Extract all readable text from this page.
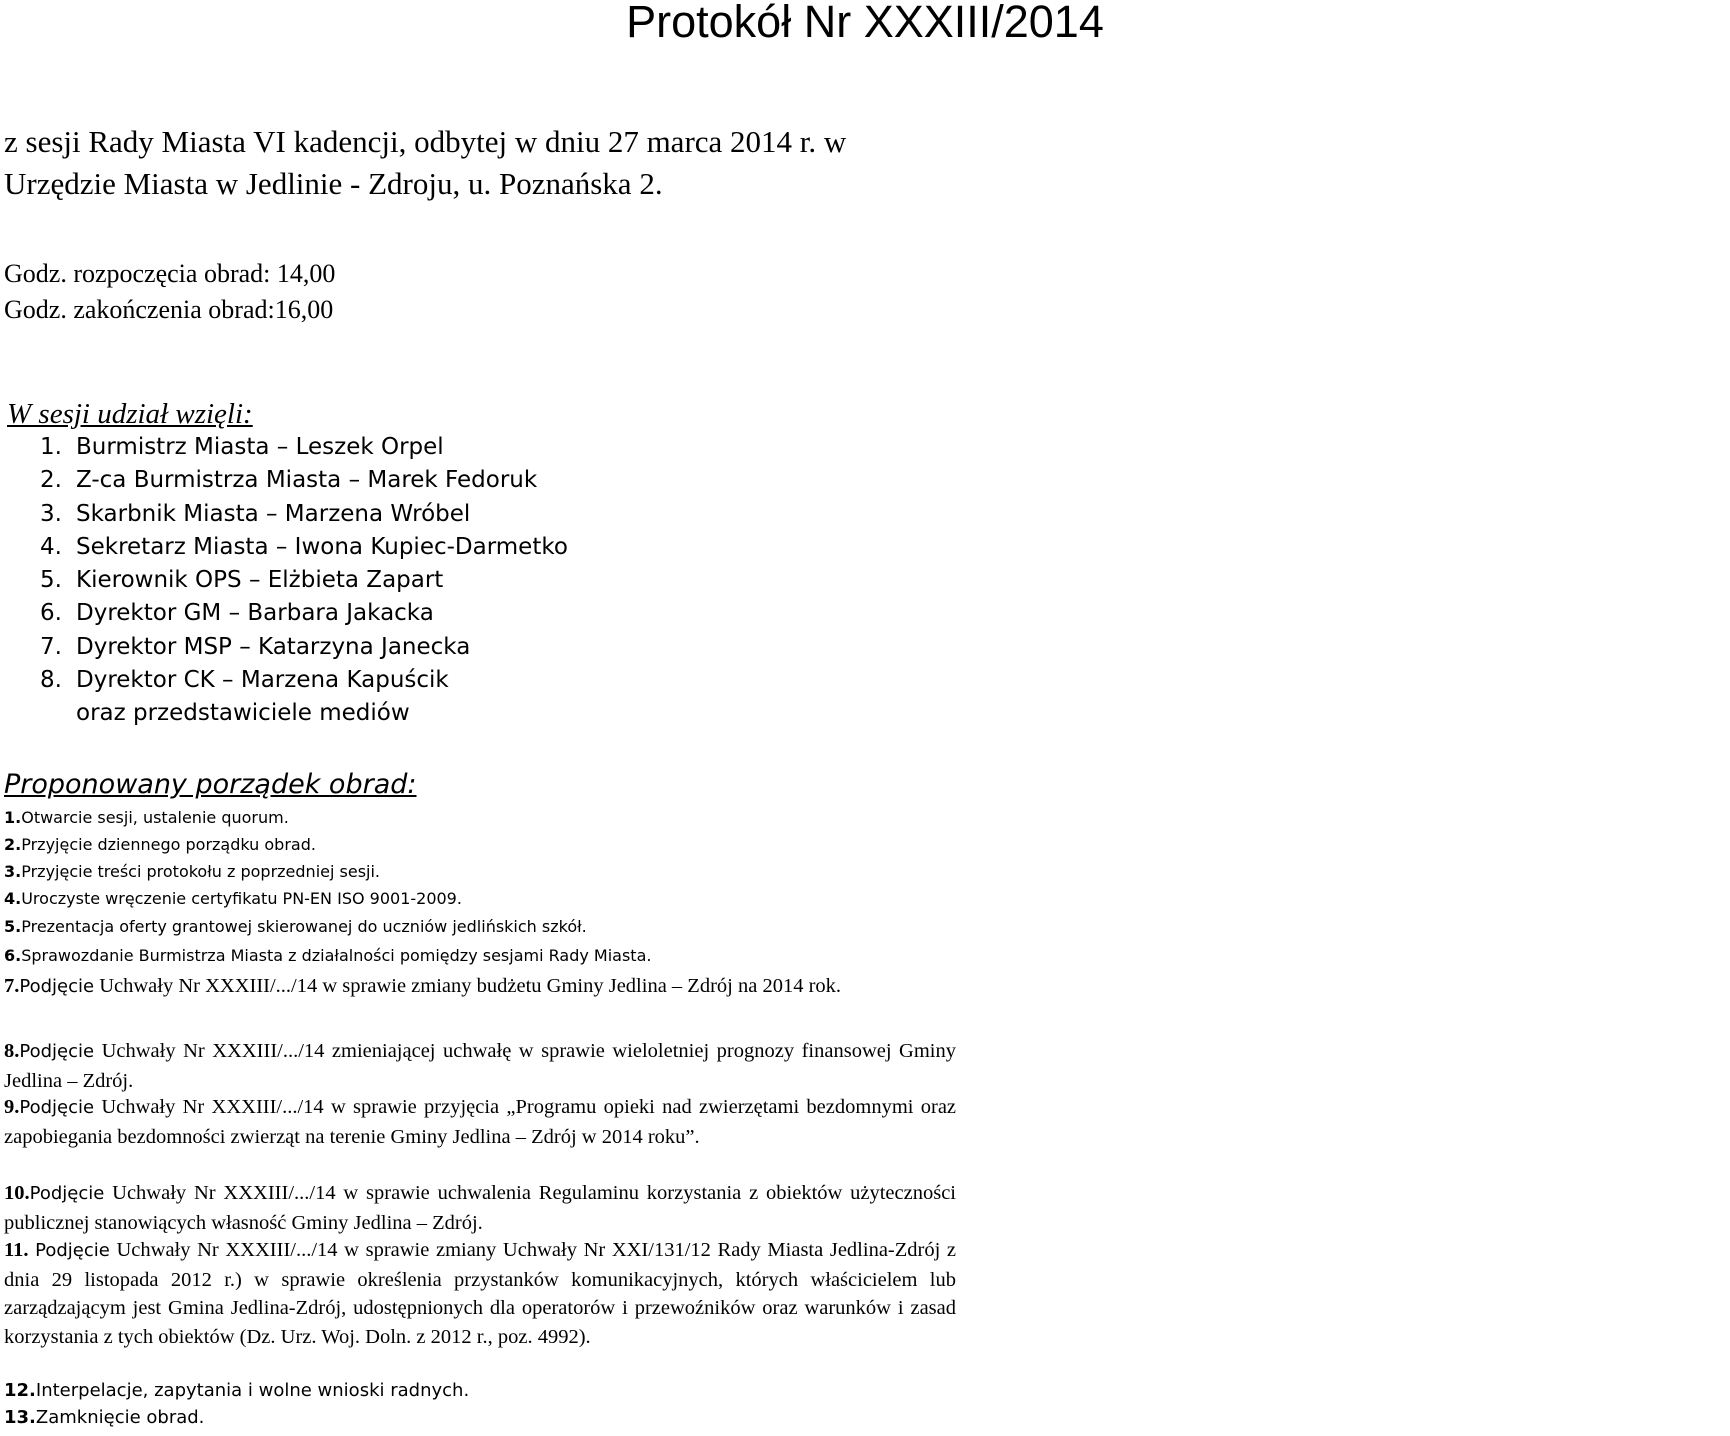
Protokół Nr XXXIII/2014
z sesji Rady Miasta VI kadencji, odbytej w dniu 27 marca 2014 r. w Urzędzie Miasta w Jedlinie - Zdroju, u. Poznańska 2.
Godz. rozpoczęcia obrad: 14,00
Godz. zakończenia obrad:16,00
W sesji udział wzięli:
1. Burmistrz Miasta – Leszek Orpel
2. Z-ca Burmistrza Miasta – Marek Fedoruk
3. Skarbnik Miasta – Marzena Wróbel
4. Sekretarz Miasta – Iwona Kupiec-Darmetko
5. Kierownik OPS – Elżbieta Zapart
6. Dyrektor GM – Barbara Jakacka
7. Dyrektor MSP – Katarzyna Janecka
8. Dyrektor CK – Marzena Kapuścik
oraz przedstawiciele mediów
Proponowany porządek obrad:
1.Otwarcie sesji, ustalenie quorum.
2.Przyjęcie dziennego porządku obrad.
3.Przyjęcie treści protokołu z poprzedniej sesji.
4.Uroczyste wręczenie certyfikatu PN-EN ISO 9001-2009.
5.Prezentacja oferty grantowej skierowanej do uczniów jedlińskich szkół.
6.Sprawozdanie Burmistrza Miasta z działalności pomiędzy sesjami Rady Miasta.
7.Podjęcie Uchwały Nr XXXIII/.../14 w sprawie zmiany budżetu Gminy Jedlina – Zdrój na 2014 rok.
8.Podjęcie Uchwały Nr XXXIII/.../14 zmieniającej uchwałę w sprawie wieloletniej prognozy finansowej Gminy Jedlina – Zdrój.
9.Podjęcie Uchwały Nr XXXIII/.../14 w sprawie przyjęcia „Programu opieki nad zwierzętami bezdomnymi oraz zapobiegania bezdomności zwierząt na terenie Gminy Jedlina – Zdrój w 2014 roku”.
10.Podjęcie Uchwały Nr XXXIII/.../14 w sprawie uchwalenia Regulaminu korzystania z obiektów użyteczności publicznej stanowiących własność Gminy Jedlina – Zdrój.
11. Podjęcie Uchwały Nr XXXIII/.../14 w sprawie zmiany Uchwały Nr XXI/131/12 Rady Miasta Jedlina-Zdrój z dnia 29 listopada 2012 r.) w sprawie określenia przystanków komunikacyjnych, których właścicielem lub zarządzającym jest Gmina Jedlina-Zdrój, udostępnionych dla operatorów i przewoźników oraz warunków i zasad korzystania z tych obiektów (Dz. Urz. Woj. Doln. z 2012 r., poz. 4992).
12.Interpelacje, zapytania i wolne wnioski radnych.
13.Zamknięcie obrad.
